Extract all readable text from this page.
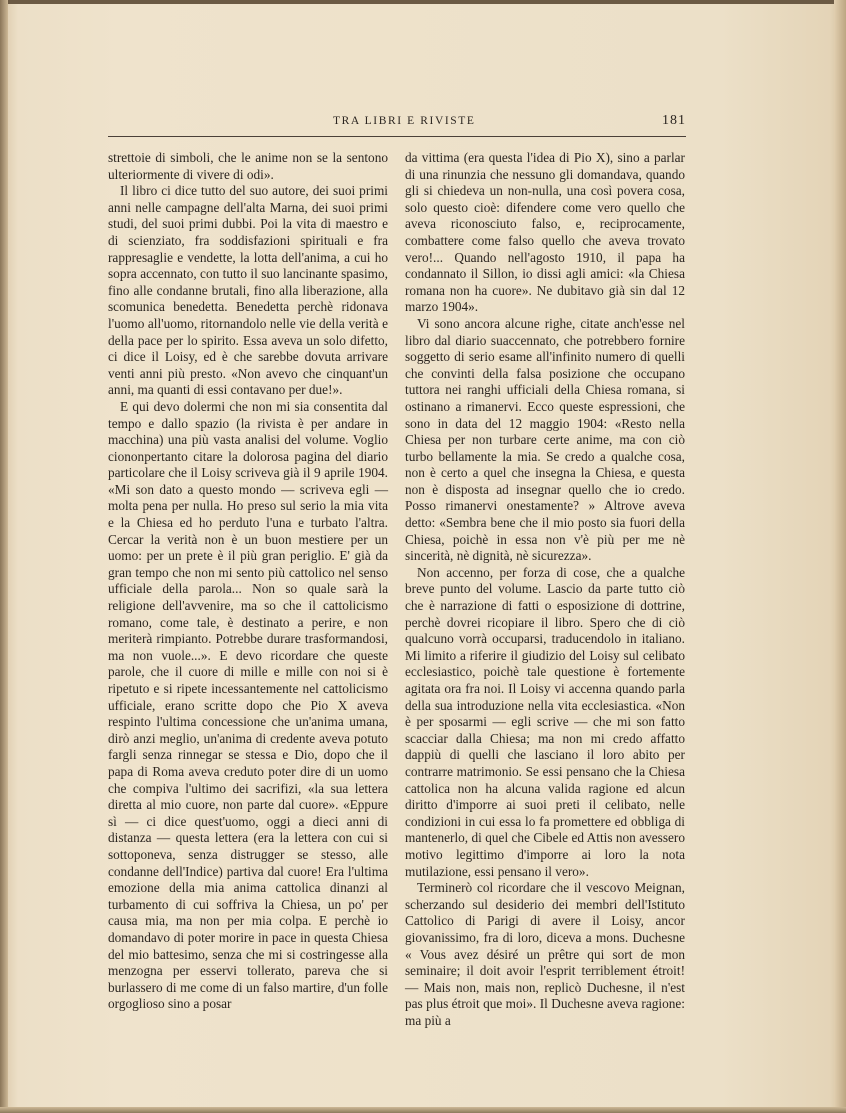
TRA LIBRI E RIVISTE	181

strettoie di simboli, che le anime non se la sentono ulteriormente di vivere di odi».

Il libro ci dice tutto del suo autore, dei suoi primi anni nelle campagne dell'alta Marna, dei suoi primi studi, del suoi primi dubbi. Poi la vita di maestro e di scienziato, fra soddisfazioni spirituali e fra rappresaglie e vendette, la lotta dell'anima, a cui ho sopra accennato, con tutto il suo lancinante spasimo, fino alle condanne brutali, fino alla liberazione, alla scomunica benedetta. Benedetta perchè ridonava l'uomo all'uomo, ritornandolo nelle vie della verità e della pace per lo spirito. Essa aveva un solo difetto, ci dice il Loisy, ed è che sarebbe dovuta arrivare venti anni più presto. «Non avevo che cinquant'un anni, ma quanti di essi contavano per due!».

E qui devo dolermi che non mi sia consentita dal tempo e dallo spazio (la rivista è per andare in macchina) una più vasta analisi del volume. Voglio ciononpertanto citare la dolorosa pagina del diario particolare che il Loisy scriveva già il 9 aprile 1904. «Mi son dato a questo mondo — scriveva egli — molta pena per nulla. Ho preso sul serio la mia vita e la Chiesa ed ho perduto l'una e turbato l'altra. Cercar la verità non è un buon mestiere per un uomo: per un prete è il più gran periglio. E' già da gran tempo che non mi sento più cattolico nel senso ufficiale della parola... Non so quale sarà la religione dell'avvenire, ma so che il cattolicismo romano, come tale, è destinato a perire, e non meriterà rimpianto. Potrebbe durare trasformandosi, ma non vuole...». E devo ricordare che queste parole, che il cuore di mille e mille con noi si è ripetuto e si ripete incessantemente nel cattolicismo ufficiale, erano scritte dopo che Pio X aveva respinto l'ultima concessione che un'anima umana, dirò anzi meglio, un'anima di credente aveva potuto fargli senza rinnegar se stessa e Dio, dopo che il papa di Roma aveva creduto poter dire di un uomo che compiva l'ultimo dei sacrifizi, «la sua lettera diretta al mio cuore, non parte dal cuore». «Eppure sì — ci dice quest'uomo, oggi a dieci anni di distanza — questa lettera (era la lettera con cui si sottoponeva, senza distrugger se stesso, alle condanne dell'Indice) partiva dal cuore! Era l'ultima emozione della mia anima cattolica dinanzi al turbamento di cui soffriva la Chiesa, un po' per causa mia, ma non per mia colpa. E perchè io domandavo di poter morire in pace in questa Chiesa del mio battesimo, senza che mi si costringesse alla menzogna per esservi tollerato, pareva che si burlassero di me come di un falso martire, d'un folle orgoglioso sino a posar

da vittima (era questa l'idea di Pio X), sino a parlar di una rinunzia che nessuno gli domandava, quando gli si chiedeva un non-nulla, una così povera cosa, solo questo cioè: difendere come vero quello che aveva riconosciuto falso, e, reciprocamente, combattere come falso quello che aveva trovato vero!... Quando nell'agosto 1910, il papa ha condannato il Sillon, io dissi agli amici: «la Chiesa romana non ha cuore». Ne dubitavo già sin dal 12 marzo 1904».

Vi sono ancora alcune righe, citate anch'esse nel libro dal diario suaccennato, che potrebbero fornire soggetto di serio esame all'infinito numero di quelli che convinti della falsa posizione che occupano tuttora nei ranghi ufficiali della Chiesa romana, si ostinano a rimanervi. Ecco queste espressioni, che sono in data del 12 maggio 1904: «Resto nella Chiesa per non turbare certe anime, ma con ciò turbo bellamente la mia. Se credo a qualche cosa, non è certo a quel che insegna la Chiesa, e questa non è disposta ad insegnar quello che io credo. Posso rimanervi onestamente? » Altrove aveva detto: «Sembra bene che il mio posto sia fuori della Chiesa, poichè in essa non v'è più per me nè sincerità, nè dignità, nè sicurezza».

Non accenno, per forza di cose, che a qualche breve punto del volume. Lascio da parte tutto ciò che è narrazione di fatti o esposizione di dottrine, perchè dovrei ricopiare il libro. Spero che di ciò qualcuno vorrà occuparsi, traducendolo in italiano. Mi limito a riferire il giudizio del Loisy sul celibato ecclesiastico, poichè tale questione è fortemente agitata ora fra noi. Il Loisy vi accenna quando parla della sua introduzione nella vita ecclesiastica. «Non è per sposarmi — egli scrive — che mi son fatto scacciar dalla Chiesa; ma non mi credo affatto dappiù di quelli che lasciano il loro abito per contrarre matrimonio. Se essi pensano che la Chiesa cattolica non ha alcuna valida ragione ed alcun diritto d'imporre ai suoi preti il celibato, nelle condizioni in cui essa lo fa promettere ed obbliga di mantenerlo, di quel che Cibele ed Attis non avessero motivo legittimo d'imporre ai loro la nota mutilazione, essi pensano il vero».

Terminerò col ricordare che il vescovo Meignan, scherzando sul desiderio dei membri dell'Istituto Cattolico di Parigi di avere il Loisy, ancor giovanissimo, fra di loro, diceva a mons. Duchesne « Vous avez désiré un prêtre qui sort de mon seminaire; il doit avoir l'esprit terriblement étroit! — Mais non, mais non, replicò Duchesne, il n'est pas plus étroit que moi». Il Duchesne aveva ragione: ma più a
